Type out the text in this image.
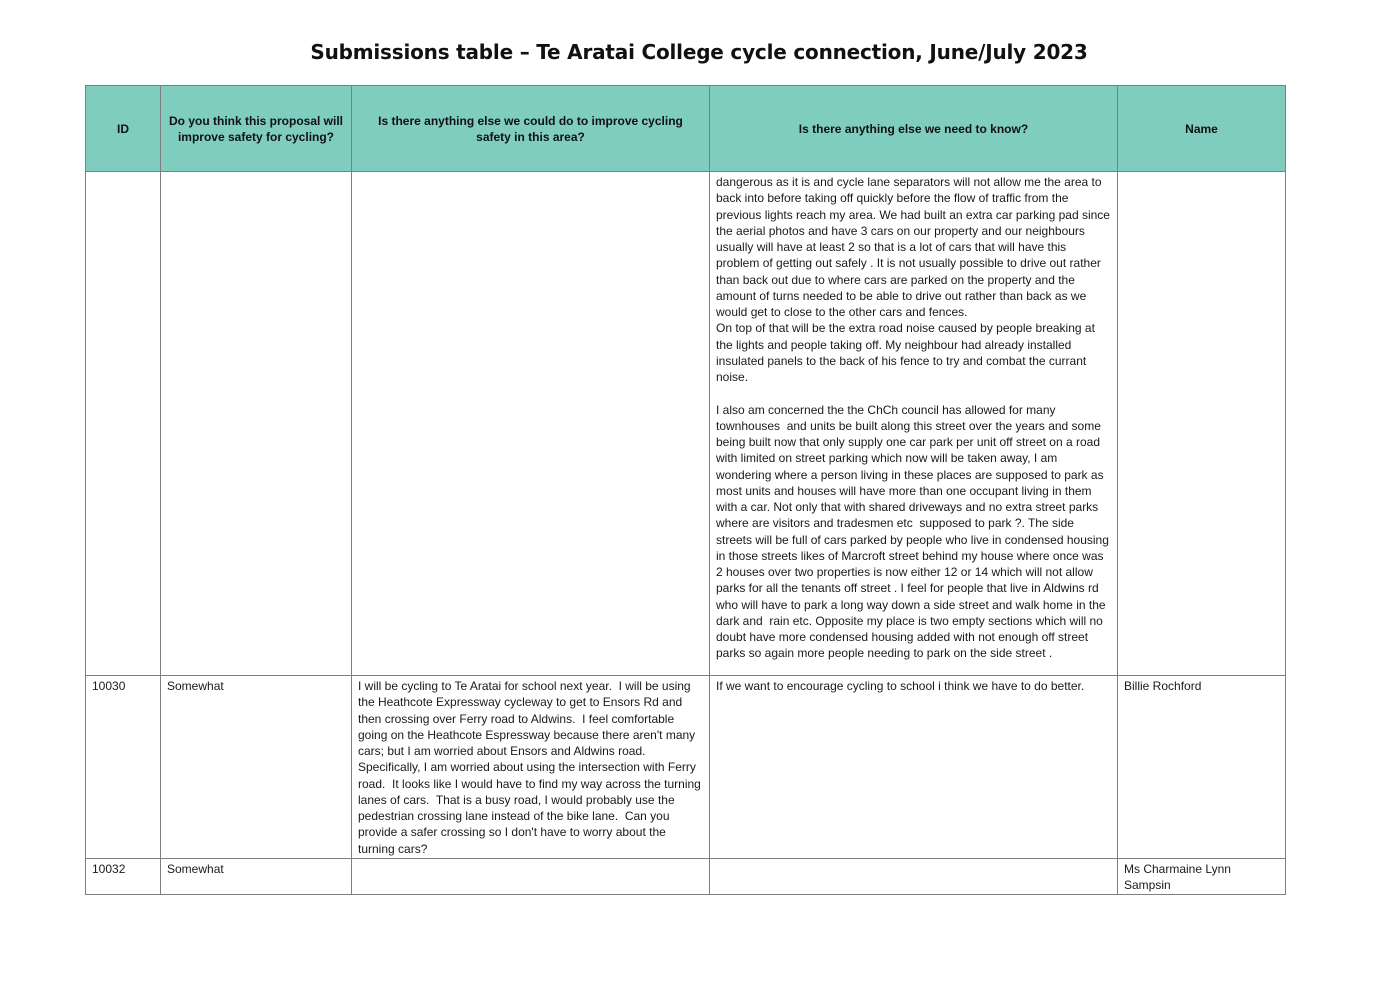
Submissions table – Te Aratai College cycle connection, June/July 2023
ID	Do you think this proposal will improve safety for cycling?	Is there anything else we could do to improve cycling safety in this area?	Is there anything else we need to know?	Name
			dangerous as it is and cycle lane separators will not allow me the area to back into before taking off quickly before the flow of traffic from the previous lights reach my area. We had built an extra car parking pad since the aerial photos and have 3 cars on our property and our neighbours usually will have at least 2 so that is a lot of cars that will have this problem of getting out safely . It is not usually possible to drive out rather than back out due to where cars are parked on the property and the amount of turns needed to be able to drive out rather than back as we would get to close to the other cars and fences.
On top of that will be the extra road noise caused by people breaking at the lights and people taking off. My neighbour had already installed insulated panels to the back of his fence to try and combat the currant noise.

I also am concerned the the ChCh council has allowed for many townhouses  and units be built along this street over the years and some being built now that only supply one car park per unit off street on a road with limited on street parking which now will be taken away, I am wondering where a person living in these places are supposed to park as most units and houses will have more than one occupant living in them with a car. Not only that with shared driveways and no extra street parks where are visitors and tradesmen etc  supposed to park ?. The side streets will be full of cars parked by people who live in condensed housing in those streets likes of Marcroft street behind my house where once was 2 houses over two properties is now either 12 or 14 which will not allow parks for all the tenants off street . I feel for people that live in Aldwins rd who will have to park a long way down a side street and walk home in the dark and  rain etc. Opposite my place is two empty sections which will no doubt have more condensed housing added with not enough off street parks so again more people needing to park on the side street .	
10030	Somewhat	I will be cycling to Te Aratai for school next year.  I will be using the Heathcote Expressway cycleway to get to Ensors Rd and then crossing over Ferry road to Aldwins.  I feel comfortable going on the Heathcote Espressway because there aren't many cars; but I am worried about Ensors and Aldwins road.  Specifically, I am worried about using the intersection with Ferry road.  It looks like I would have to find my way across the turning lanes of cars.  That is a busy road, I would probably use the pedestrian crossing lane instead of the bike lane.  Can you provide a safer crossing so I don't have to worry about the turning cars?	If we want to encourage cycling to school i think we have to do better.	Billie Rochford
10032	Somewhat			Ms Charmaine Lynn Sampsin
